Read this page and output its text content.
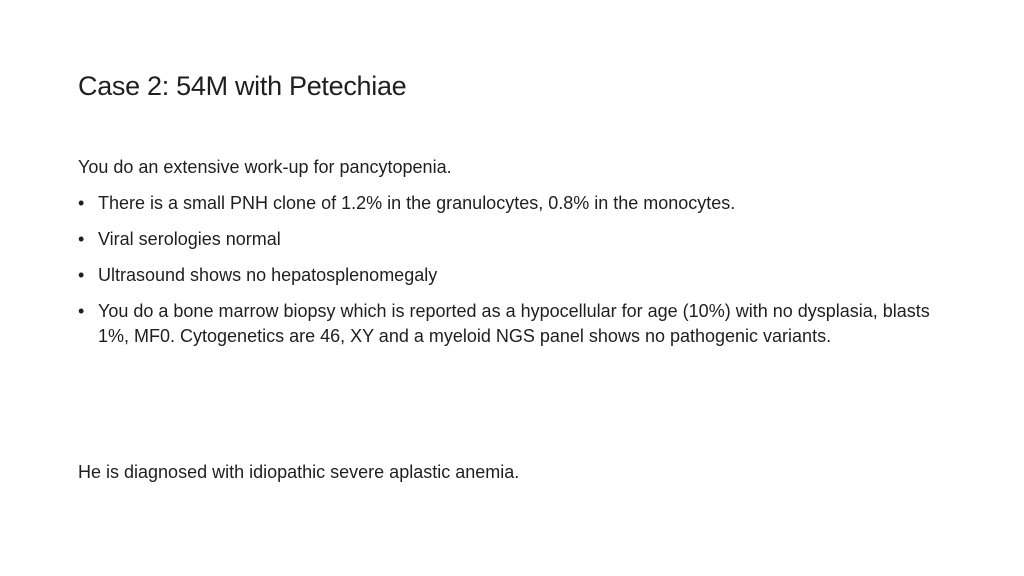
Case 2: 54M with Petechiae

You do an extensive work-up for pancytopenia.

• There is a small PNH clone of 1.2% in the granulocytes, 0.8% in the monocytes.
• Viral serologies normal
• Ultrasound shows no hepatosplenomegaly
• You do a bone marrow biopsy which is reported as a hypocellular for age (10%) with no dysplasia, blasts 1%, MF0. Cytogenetics are 46, XY and a myeloid NGS panel shows no pathogenic variants.
He is diagnosed with idiopathic severe aplastic anemia.
